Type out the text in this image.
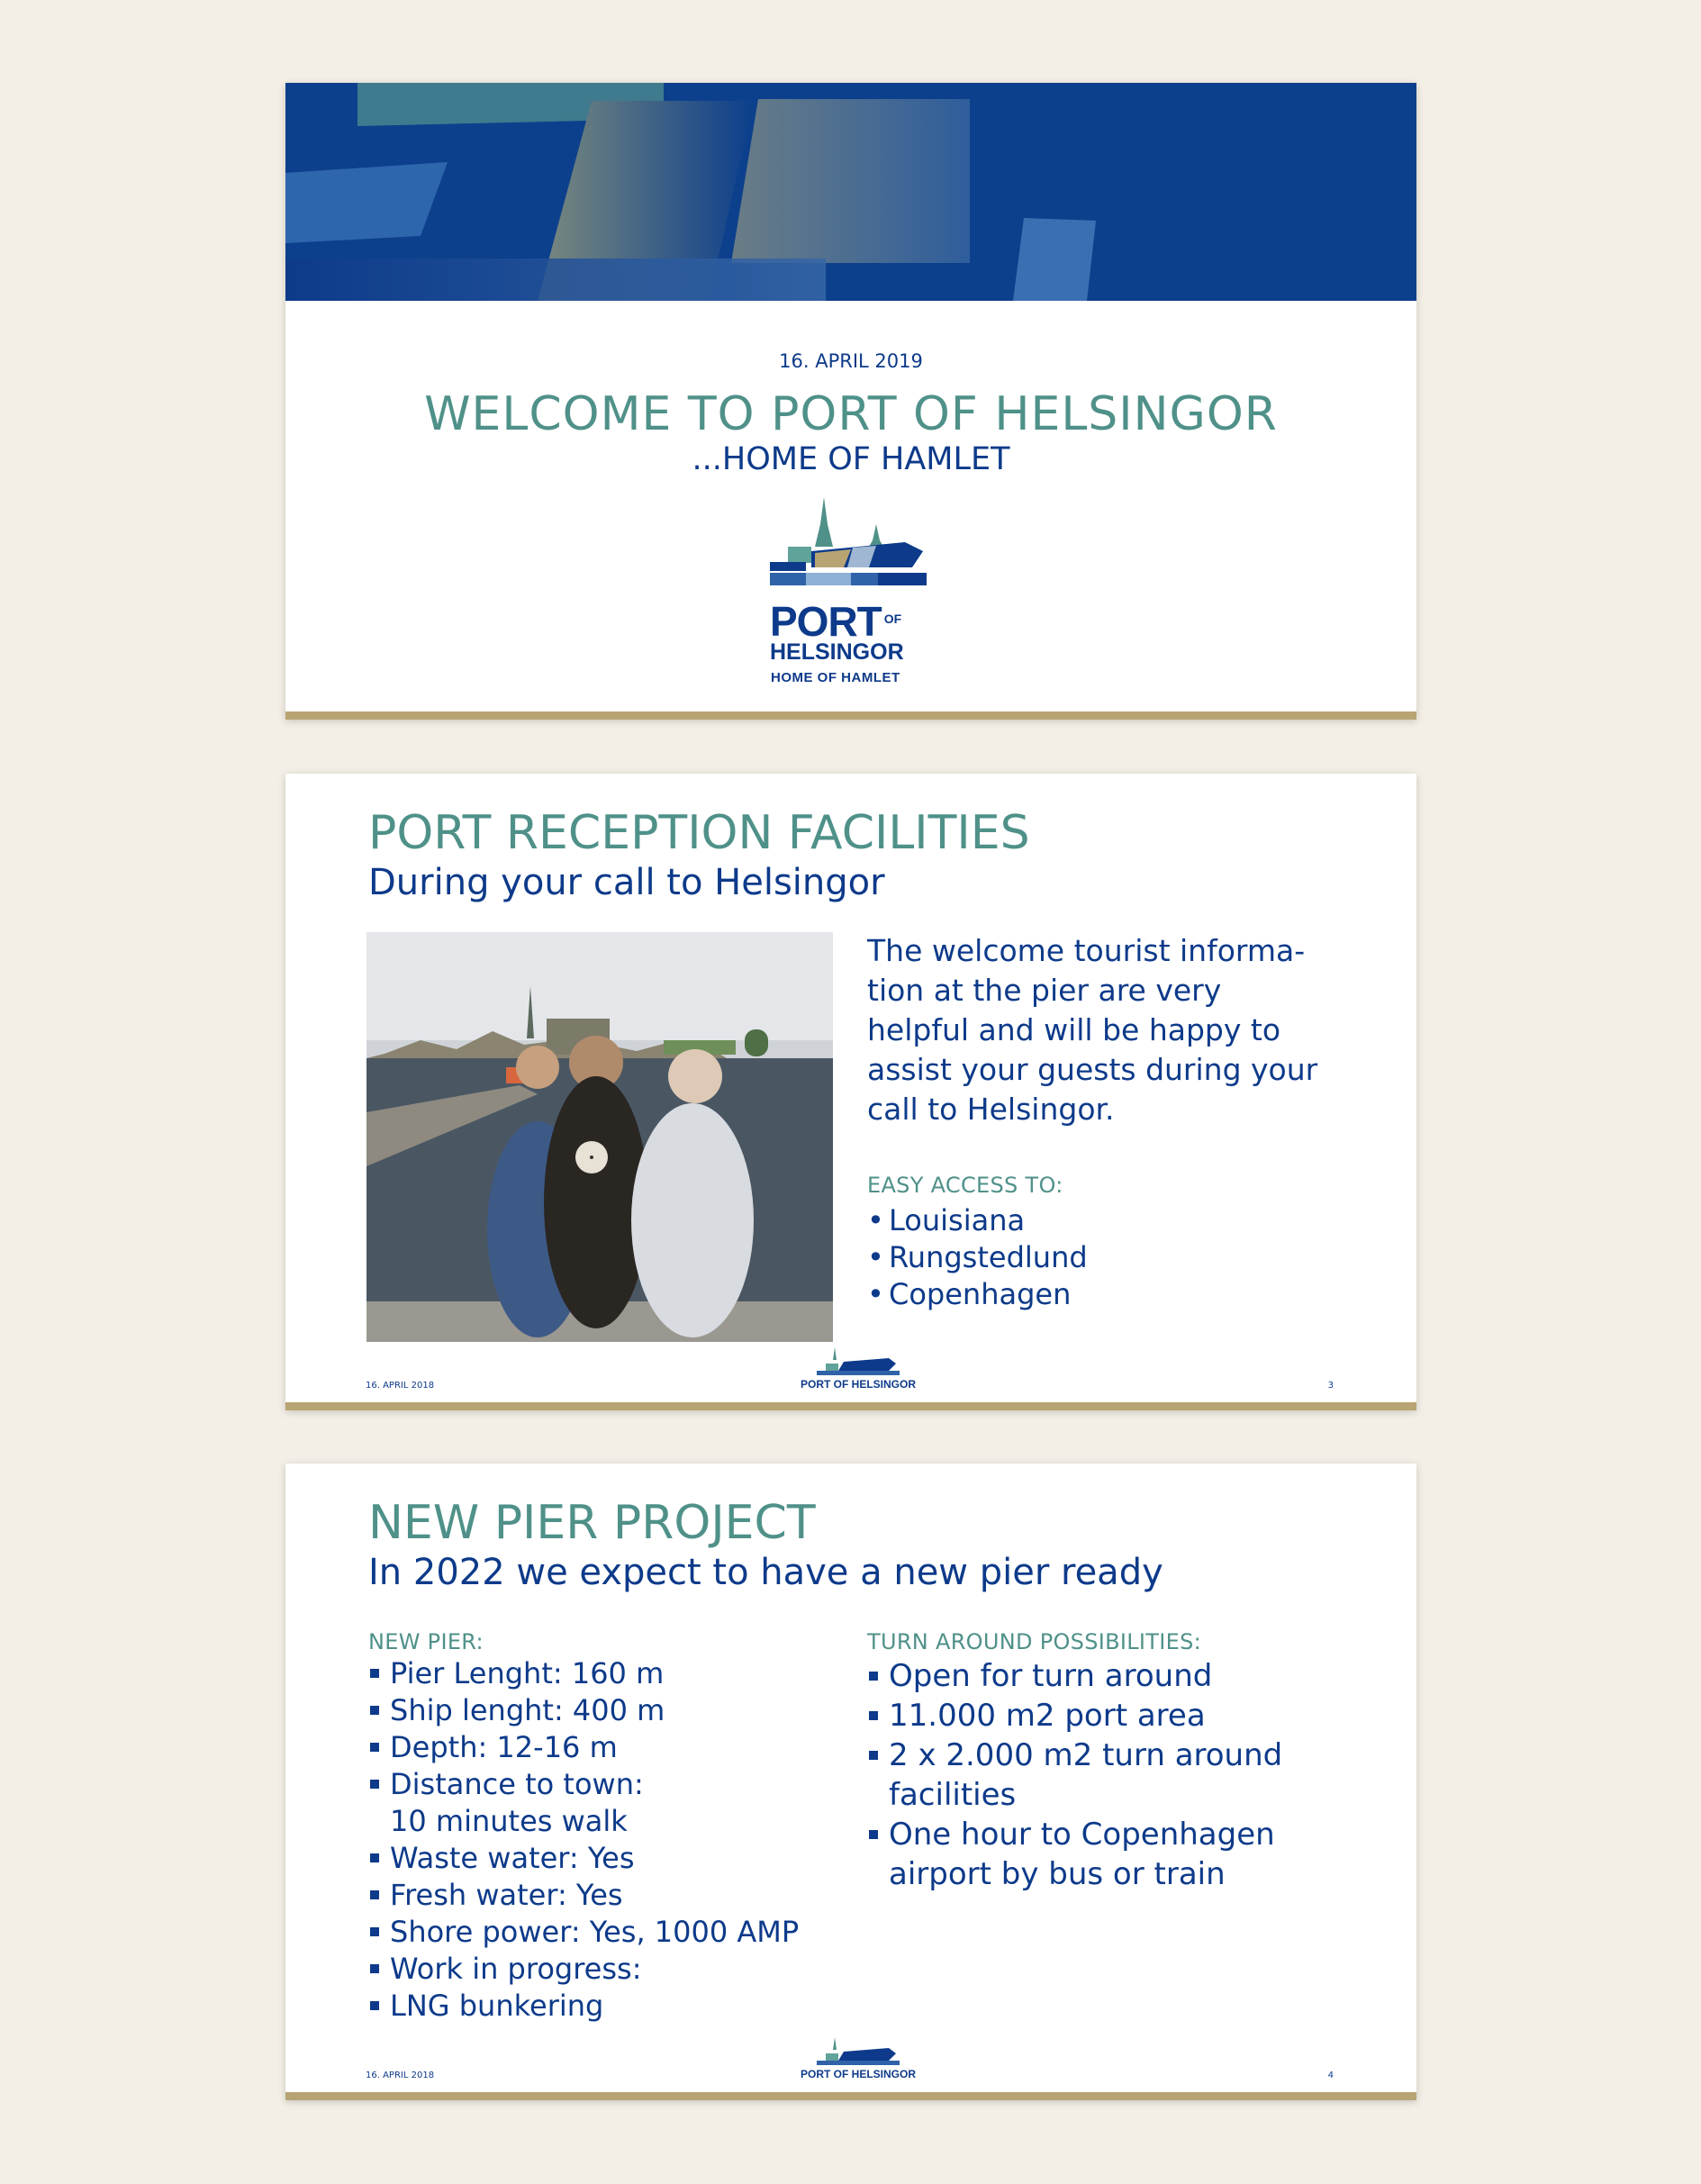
16. APRIL 2019
WELCOME TO PORT OF HELSINGOR
...HOME OF HAMLET
PORT $^{OF}$
HELSINGOR
HOME OF HAMLET
PORT RECEPTION FACILITIES
During your call to Helsingor
The welcome tourist informa-
tion at the pier are very
helpful and will be happy to
assist your guests during your
call to Helsingor.
EASY ACCESS TO:
• Louisiana
• Rungstedlund
• Copenhagen
16. APRIL 2018	PORT OF HELSINGOR	3
NEW PIER PROJECT
In 2022 we expect to have a new pier ready
NEW PIER:
Pier Lenght: 160 m
Ship lenght: 400 m
Depth: 12-16 m
Distance to town:
10 minutes walk
Waste water: Yes
Fresh water: Yes
Shore power: Yes, 1000 AMP
Work in progress:
LNG bunkering
TURN AROUND POSSIBILITIES:
Open for turn around
11.000 m2 port area
2 x 2.000 m2 turn around
facilities
One hour to Copenhagen
airport by bus or train
16. APRIL 2018	PORT OF HELSINGOR	4
